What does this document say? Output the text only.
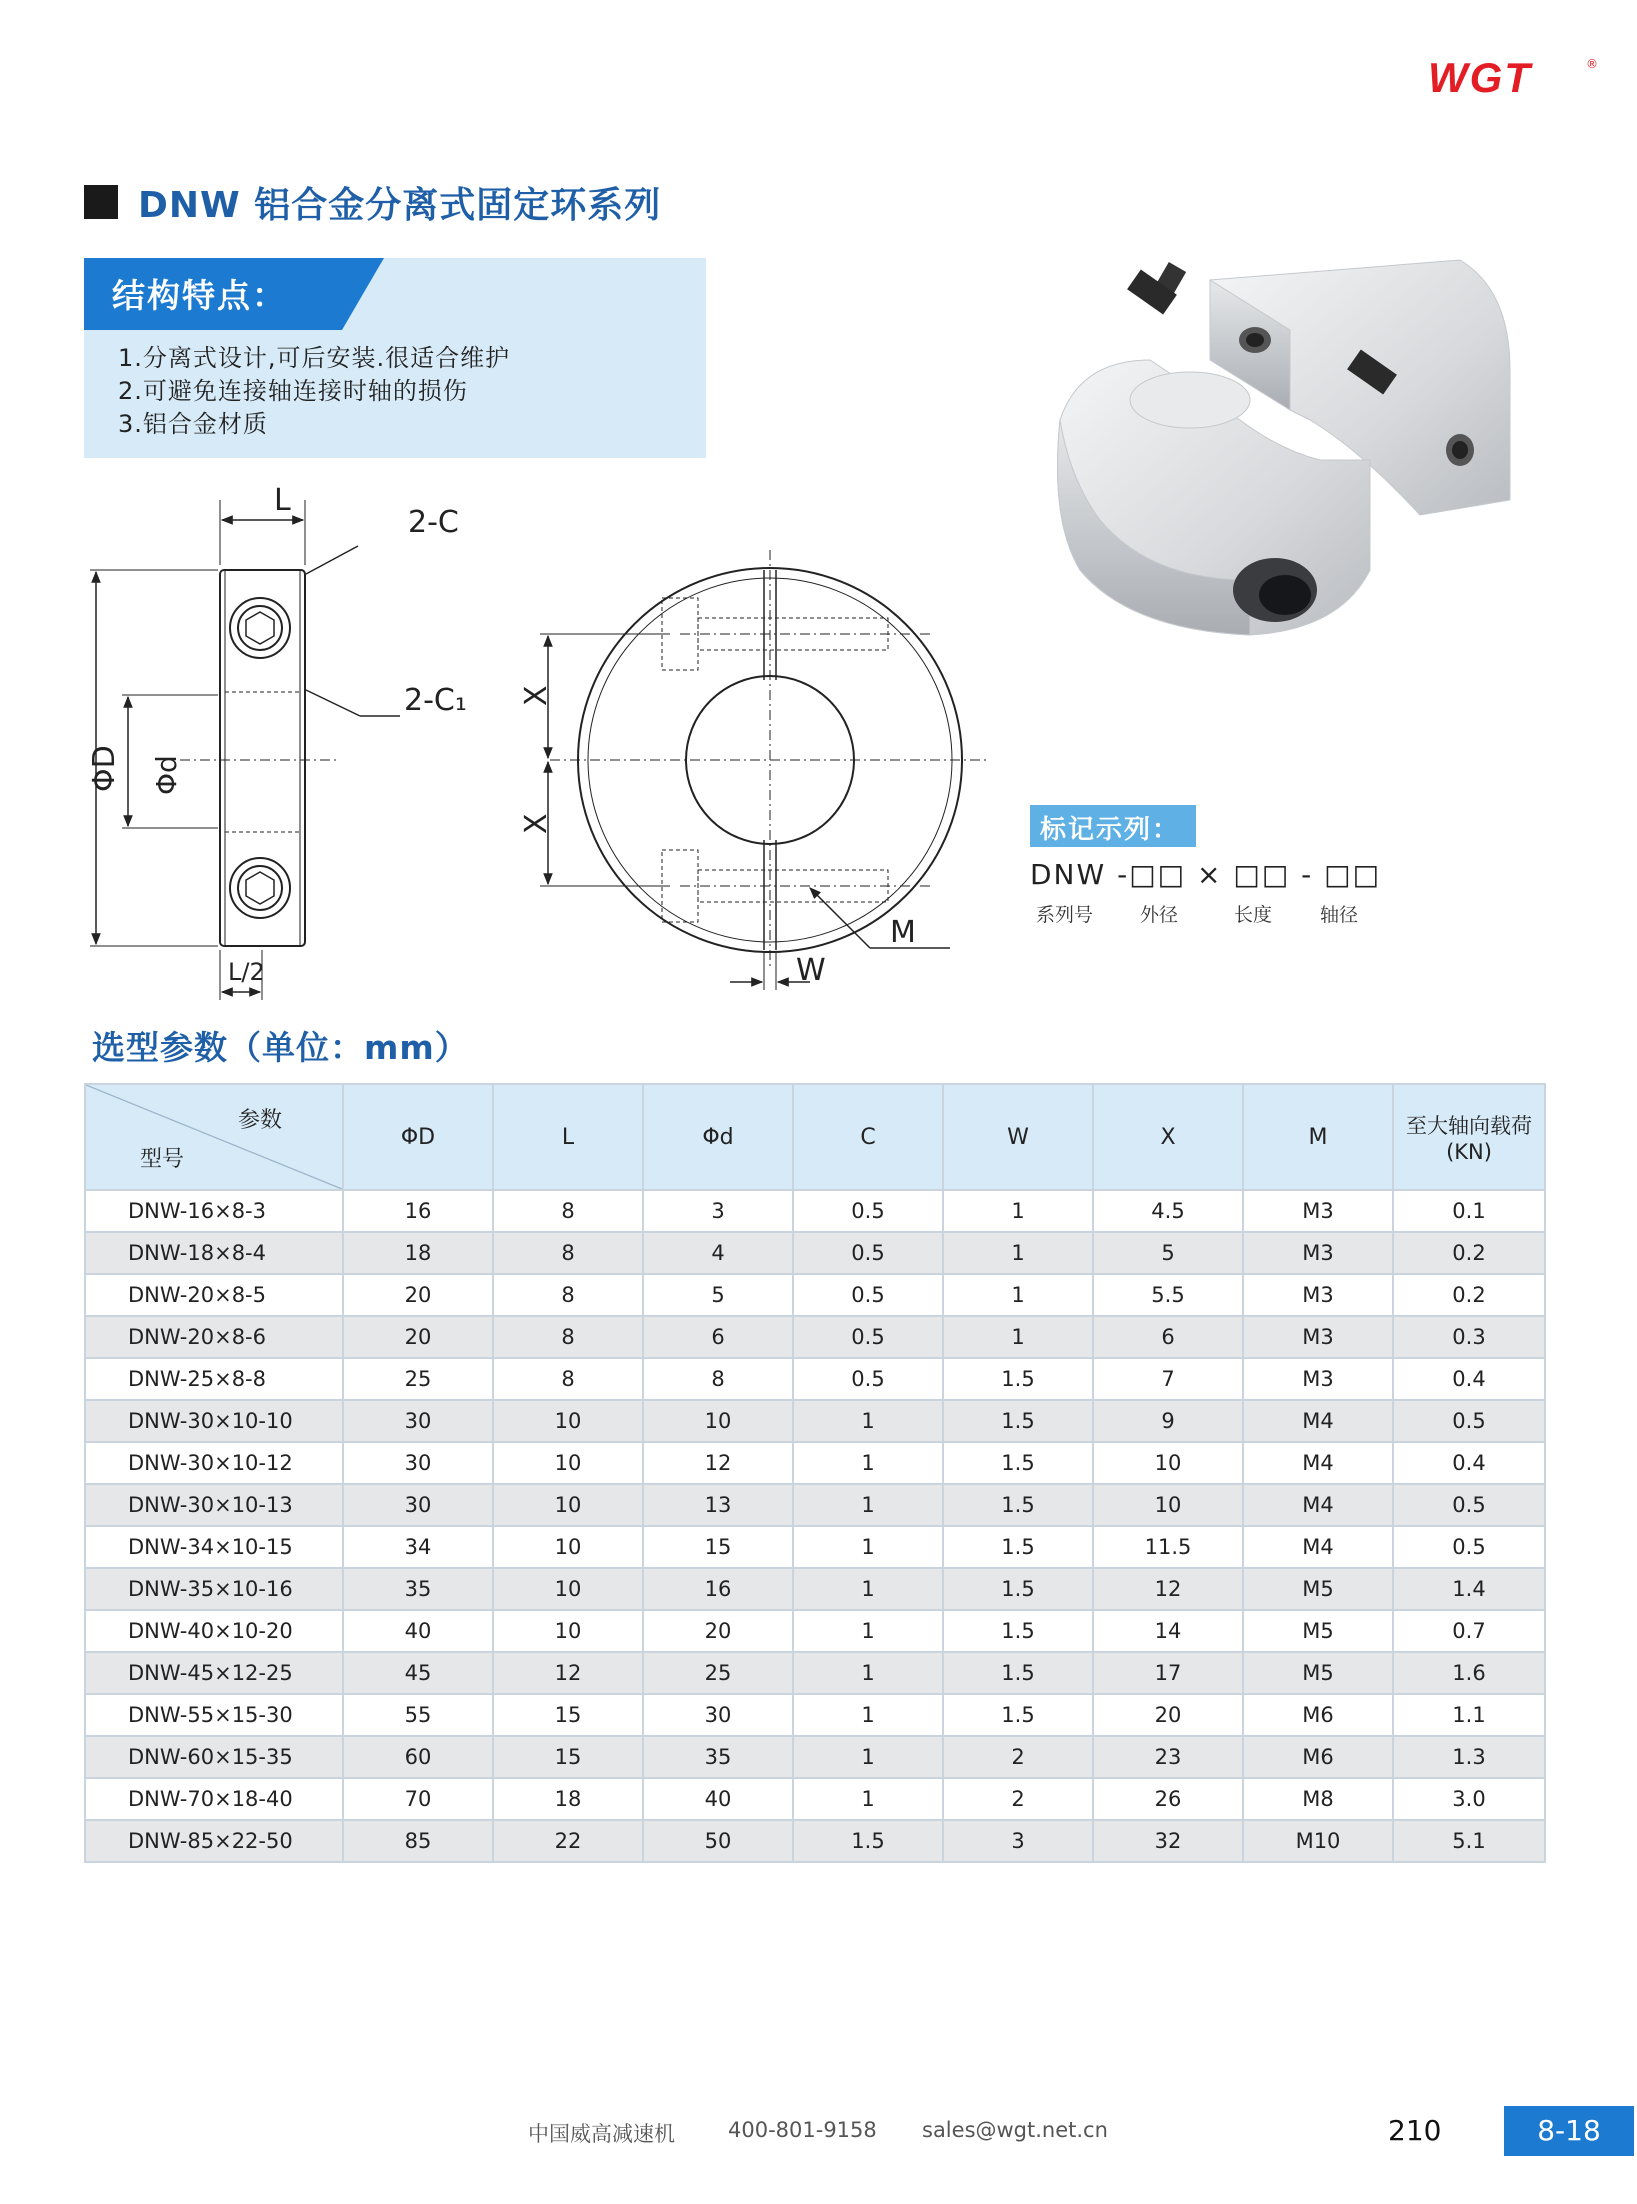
WGT	®
DNW 铝合金分离式固定环系列
结构特点：
1.分离式设计,可后安装.很适合维护
2.可避免连接轴连接时轴的损伤
3.铝合金材质
L
2-C
2-C₁
ΦD Φd
L/2
X
X
W
M
标记示列：
DNW -□□ × □□ - □□
系列号 外径	长度	轴径
选型参数（单位：mm）
参数
型号	ΦD	L	Φd	C	W	X	M	至大轴向载荷
(KN)
DNW-16×8-3	16	8	3	0.5	1	4.5	M3	0.1
DNW-18×8-4	18	8	4	0.5	1	5	M3	0.2
DNW-20×8-5	20	8	5	0.5	1	5.5	M3	0.2
DNW-20×8-6	20	8	6	0.5	1	6	M3	0.3
DNW-25×8-8	25	8	8	0.5	1.5	7	M3	0.4
DNW-30×10-10	30	10	10	1	1.5	9	M4	0.5
DNW-30×10-12	30	10	12	1	1.5	10	M4	0.4
DNW-30×10-13	30	10	13	1	1.5	10	M4	0.5
DNW-34×10-15	34	10	15	1	1.5	11.5	M4	0.5
DNW-35×10-16	35	10	16	1	1.5	12	M5	1.4
DNW-40×10-20	40	10	20	1	1.5	14	M5	0.7
DNW-45×12-25	45	12	25	1	1.5	17	M5	1.6
DNW-55×15-30	55	15	30	1	1.5	20	M6	1.1
DNW-60×15-35	60	15	35	1	2	23	M6	1.3
DNW-70×18-40	70	18	40	1	2	26	M8	3.0
DNW-85×22-50	85	22	50	1.5	3	32	M10	5.1
中国威高减速机	400-801-9158 sales@wgt.net.cn	210	8-18
